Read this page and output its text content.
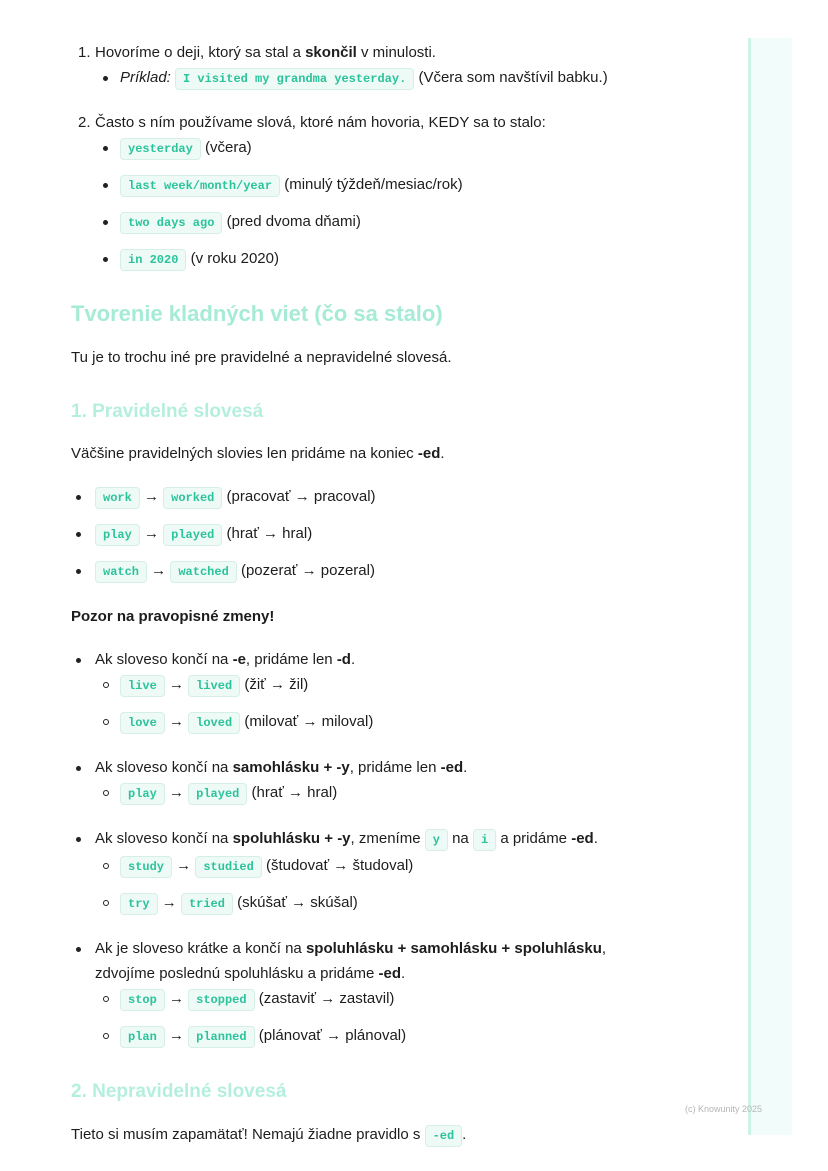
1. Hovoríme o deji, ktorý sa stal a skončil v minulosti.
Príklad: I visited my grandma yesterday. (Včera som navštívil babku.)
2. Často s ním používame slová, ktoré nám hovoria, KEDY sa to stalo:
yesterday (včera)
last week/month/year (minulý týždeň/mesiac/rok)
two days ago (pred dvoma dňami)
in 2020 (v roku 2020)
Tvorenie kladných viet (čo sa stalo)
Tu je to trochu iné pre pravidelné a nepravidelné slovesá.
1. Pravidelné slovesá
Väčšine pravidelných slovies len pridáme na koniec -ed.
work → worked (pracovať → pracoval)
play → played (hrať → hral)
watch → watched (pozerať → pozeral)
Pozor na pravopisné zmeny!
Ak sloveso končí na -e, pridáme len -d.
live → lived (žiť → žil)
love → loved (milovať → miloval)
Ak sloveso končí na samohlásku + -y, pridáme len -ed.
play → played (hrať → hral)
Ak sloveso končí na spoluhlásku + -y, zmeníme y na i a pridáme -ed.
study → studied (študovať → študoval)
try → tried (skúšať → skúšal)
Ak je sloveso krátke a končí na spoluhlásku + samohlásku + spoluhlásku, zdvojíme poslednú spoluhlásku a pridáme -ed.
stop → stopped (zastaviť → zastavil)
plan → planned (plánovať → plánoval)
2. Nepravidelné slovesá
Tieto si musím zapamätať! Nemajú žiadne pravidlo s -ed .
(c) Knowunity 2025
